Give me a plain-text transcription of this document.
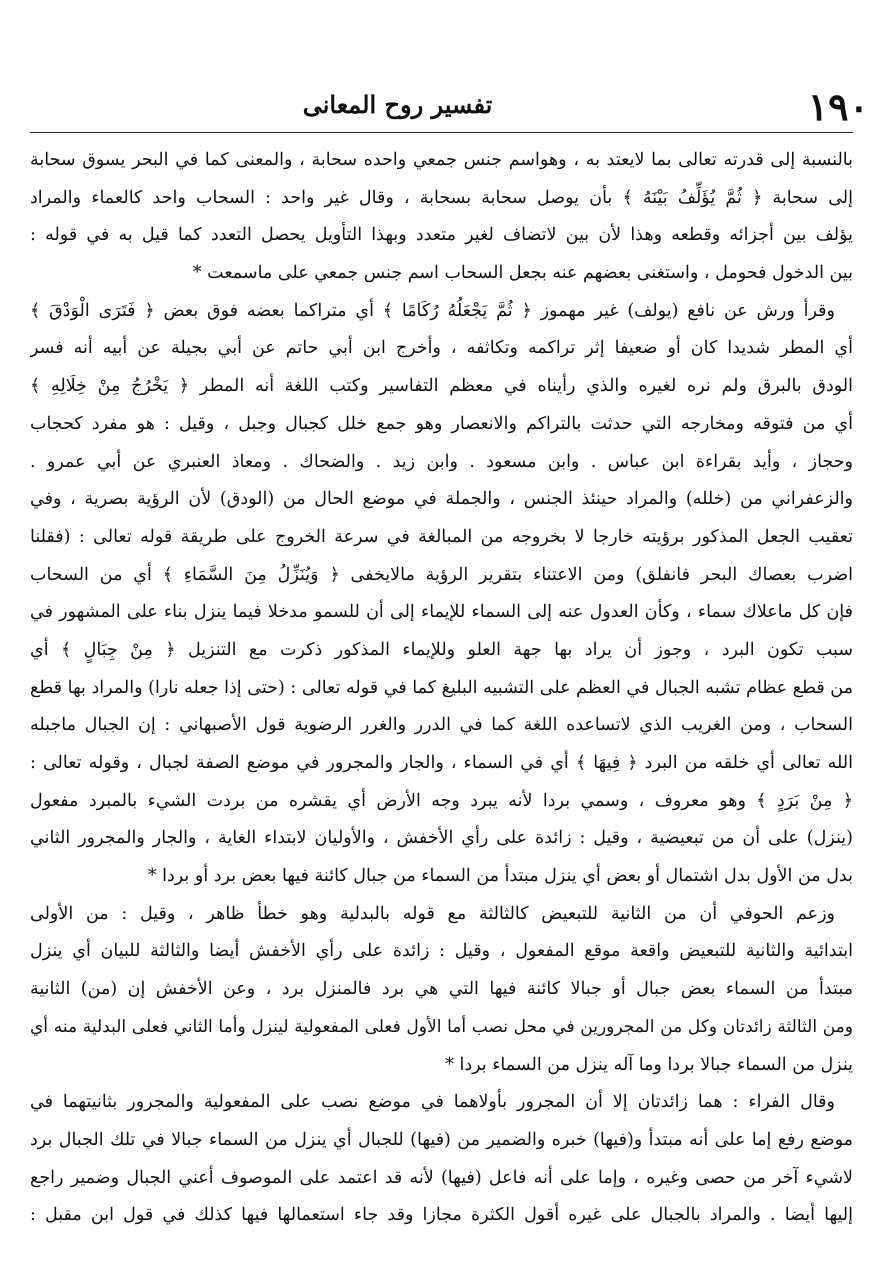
١٩٠
تفسير روح المعانى
بالنسبة إلى قدرته تعالى بما لايعتد به ، وهواسم جنس جمعي واحده سحابة ، والمعنى كما في البحر يسوق سحابة
إلى سحابة ﴿ ثُمَّ يُؤَلِّفُ بَيْنَهُ ﴾ بأن يوصل سحابة بسحابة ، وقال غير واحد : السحاب واحد كالعماء والمراد
يؤلف بين أجزائه وقطعه وهذا لأن بين لاتضاف لغير متعدد وبهذا التأويل يحصل التعدد كما قيل به في قوله :
بين الدخول فحومل ، واستغنى بعضهم عنه بجعل السحاب اسم جنس جمعي على ماسمعت *
وقرأ ورش عن نافع (يولف) غير مهموز ﴿ ثُمَّ يَجْعَلُهُ رُكَامًا ﴾ أي متراكما بعضه فوق بعض ﴿ فَتَرَى الْوَدْقَ ﴾
أي المطر شديدا كان أو ضعيفا إثر تراكمه وتكاثفه ، وأخرج ابن أبي حاتم عن أبي بجيلة عن أبيه أنه فسر
الودق بالبرق ولم نره لغيره والذي رأيناه في معظم التفاسير وكتب اللغة أنه المطر ﴿ يَخْرُجُ مِنْ خِلَالِهِ ﴾
أي من فتوقه ومخارجه التي حدثت بالتراكم والانعصار وهو جمع خلل كجبال وجبل ، وقيل : هو مفرد كحجاب
وحجاز ، وأيد بقراءة ابن عباس . وابن مسعود . وابن زيد . والضحاك . ومعاذ العنبري عن أبي عمرو .
والزعفراني من (خلله) والمراد حينئذ الجنس ، والجملة في موضع الحال من (الودق) لأن الرؤية بصرية ، وفي
تعقيب الجعل المذكور برؤيته خارجا لا بخروجه من المبالغة في سرعة الخروج على طريقة قوله تعالى : (فقلنا
اضرب بعصاك البحر فانفلق) ومن الاعتناء بتقرير الرؤية مالايخفى ﴿ وَيُنَزِّلُ مِنَ السَّمَاءِ ﴾ أي من السحاب
فإن كل ماعلاك سماء ، وكأن العدول عنه إلى السماء للإيماء إلى أن للسمو مدخلا فيما ينزل بناء على المشهور في
سبب تكون البرد ، وجوز أن يراد بها جهة العلو وللإيماء المذكور ذكرت مع التنزيل ﴿ مِنْ جِبَالٍ ﴾ أي
من قطع عظام تشبه الجبال في العظم على التشبيه البليغ كما في قوله تعالى : (حتى إذا جعله نارا) والمراد بها قطع
السحاب ، ومن الغريب الذي لاتساعده اللغة كما في الدرر والغرر الرضوية قول الأصبهاني : إن الجبال ماجبله
الله تعالى أي خلقه من البرد ﴿ فِيهَا ﴾ أي في السماء ، والجار والمجرور في موضع الصفة لجبال ، وقوله تعالى :
﴿ مِنْ بَرَدٍ ﴾ وهو معروف ، وسمي بردا لأنه يبرد وجه الأرض أي يقشره من بردت الشيء بالمبرد مفعول
(ينزل) على أن من تبعيضية ، وقيل : زائدة على رأي الأخفش ، والأوليان لابتداء الغاية ، والجار والمجرور الثاني
بدل من الأول بدل اشتمال أو بعض أي ينزل مبتدأ من السماء من جبال كائنة فيها بعض برد أو بردا *
وزعم الحوفي أن من الثانية للتبعيض كالثالثة مع قوله بالبدلية وهو خطأ ظاهر ، وقيل : من الأولى
ابتدائية والثانية للتبعيض واقعة موقع المفعول ، وقيل : زائدة على رأي الأخفش أيضا والثالثة للبيان أي ينزل
مبتدأ من السماء بعض جبال أو جبالا كائنة فيها التي هي برد فالمنزل برد ، وعن الأخفش إن (من) الثانية
ومن الثالثة زائدتان وكل من المجرورين في محل نصب أما الأول فعلى المفعولية لينزل وأما الثاني فعلى البدلية منه أي
ينزل من السماء جبالا بردا وما آله ينزل من السماء بردا *
وقال الفراء : هما زائدتان إلا أن المجرور بأولاهما في موضع نصب على المفعولية والمجرور بثانيتهما في
موضع رفع إما على أنه مبتدأ و(فيها) خبره والضمير من (فيها) للجبال أي ينزل من السماء جبالا في تلك الجبال برد
لاشيء آخر من حصى وغيره ، وإما على أنه فاعل (فيها) لأنه قد اعتمد على الموصوف أعني الجبال وضمير راجع
إليها أيضا . والمراد بالجبال على غيره أقول الكثرة مجازا وقد جاء استعمالها فيها كذلك في قول ابن مقبل :
